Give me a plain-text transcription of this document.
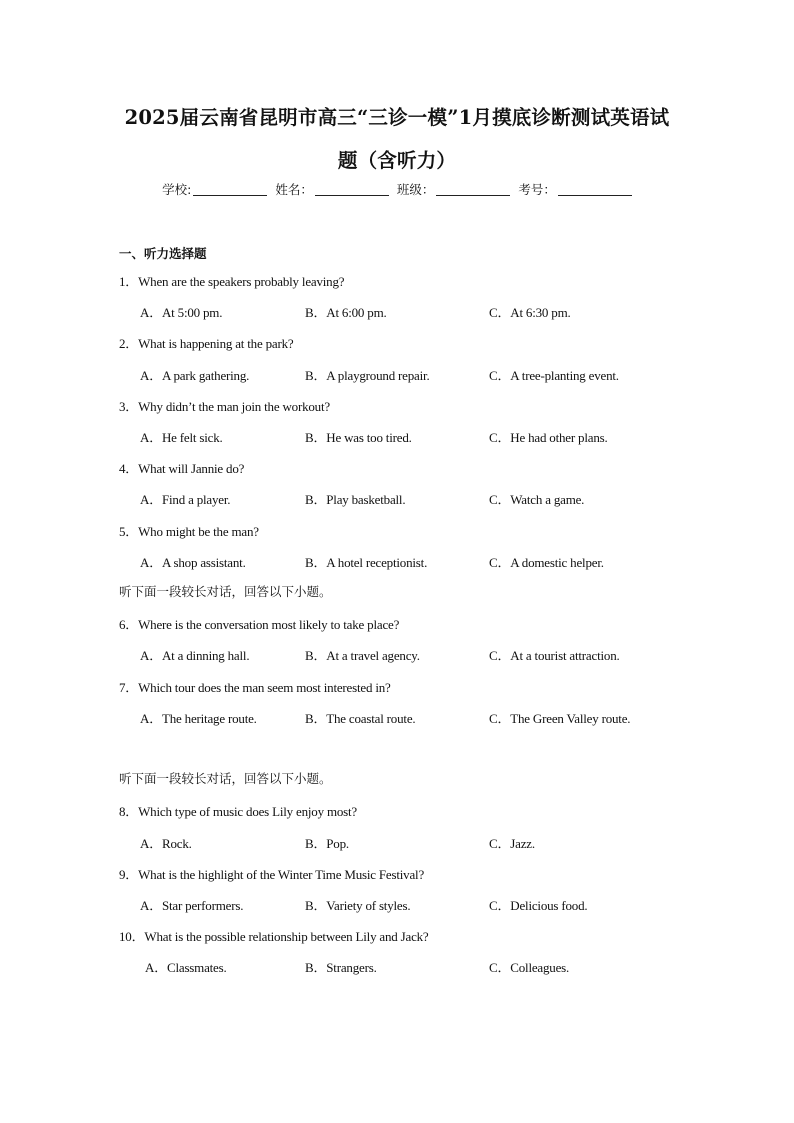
2025届云南省昆明市高三“三诊一模”1月摸底诊断测试英语试
题（含听力）
学校:	姓名：	班级：	考号：
一、听力选择题
1．When are the speakers probably leaving?
A．At 5:00 pm.	B．At 6:00 pm.	C．At 6:30 pm.
2．What is happening at the park?
A．A park gathering.	B．A playground repair.	C．A tree-planting event.
3．Why didn’t the man join the workout?
A．He felt sick.	B．He was too tired.	C．He had other plans.
4．What will Jannie do?
A．Find a player.	B．Play basketball.	C．Watch a game.
5．Who might be the man?
A．A shop assistant.	B．A hotel receptionist.	C．A domestic helper.
听下面一段较长对话，回答以下小题。
6．Where is the conversation most likely to take place?
A．At a dinning hall.	B．At a travel agency.	C．At a tourist attraction.
7．Which tour does the man seem most interested in?
A．The heritage route.	B．The coastal route.	C．The Green Valley route.
听下面一段较长对话，回答以下小题。
8．Which type of music does Lily enjoy most?
A．Rock.	B．Pop.	C．Jazz.
9．What is the highlight of the Winter Time Music Festival?
A．Star performers.	B．Variety of styles.	C．Delicious food.
10．What is the possible relationship between Lily and Jack?
A．Classmates.	B．Strangers.	C．Colleagues.
